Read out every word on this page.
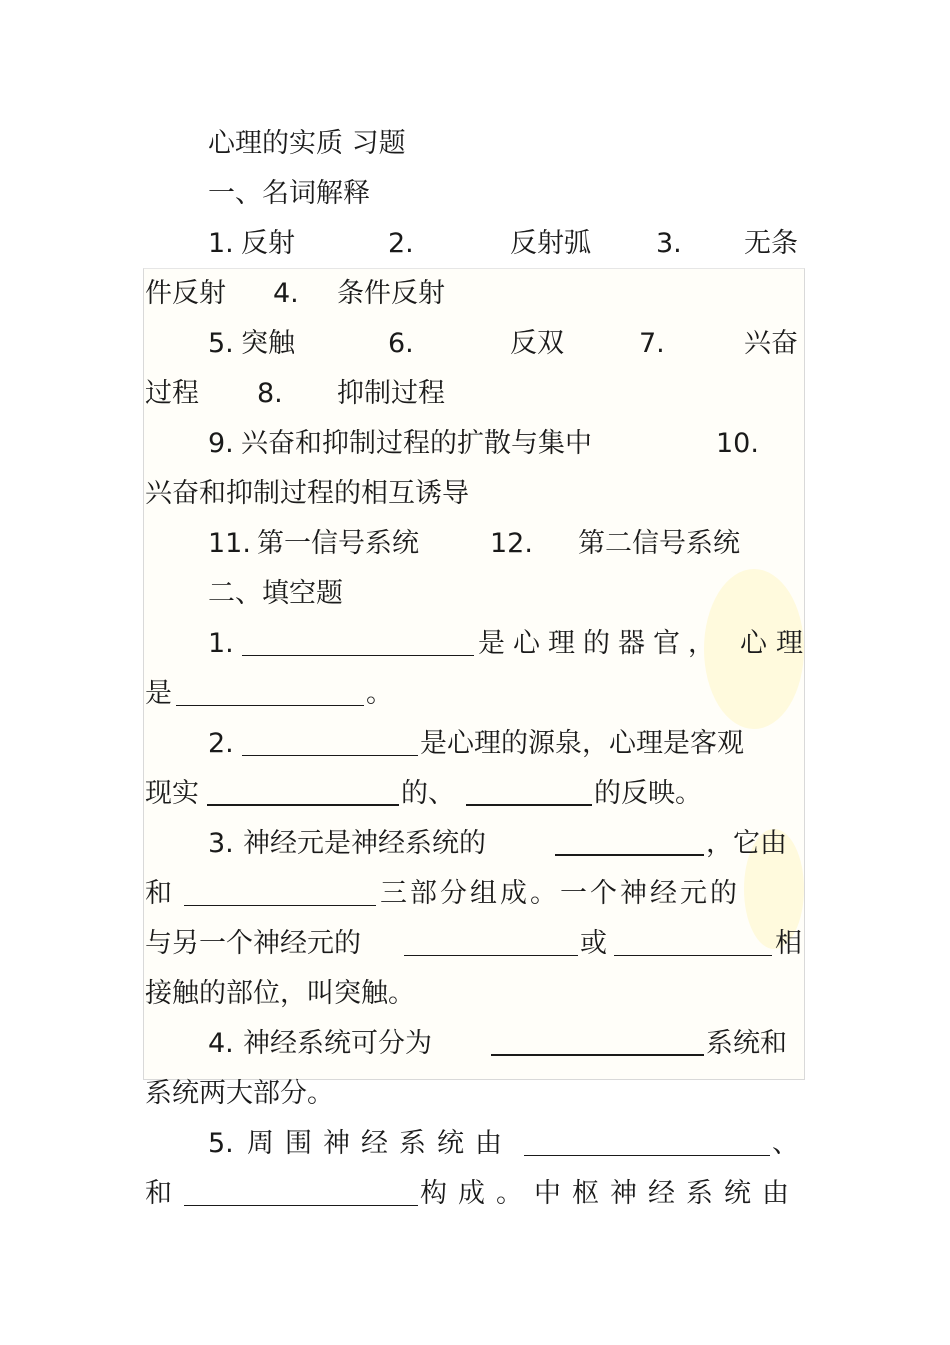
心理的实质 习题

一、名词解释

1.

反射

	2.

	反射弧

3.

无条

件反射

4.

条件反射

5.

突触

	6.

	反双

	7.

	兴奋

过程

8.

抑制过程

9.

兴奋和抑制过程的扩散与集中

	10.

兴奋和抑制过程的相互诱导

11.

第一信号系统

	12.

第二信号系统

二、填空题

1.

	是心理的器官，

心理

是

	。

2.

	是心理的源泉，心理是客观

现实

	的、

	的反映。

3.

神经元是神经系统的

	，它由

和

	三部分组成。一个神经元的

与另一个神经元的

	或

	相

接触的部位，叫突触。

4.

神经系统可分为

	系统和

系统两大部分。

5.

周围神经系统由

	、

和

	构成。中枢神经系统由
